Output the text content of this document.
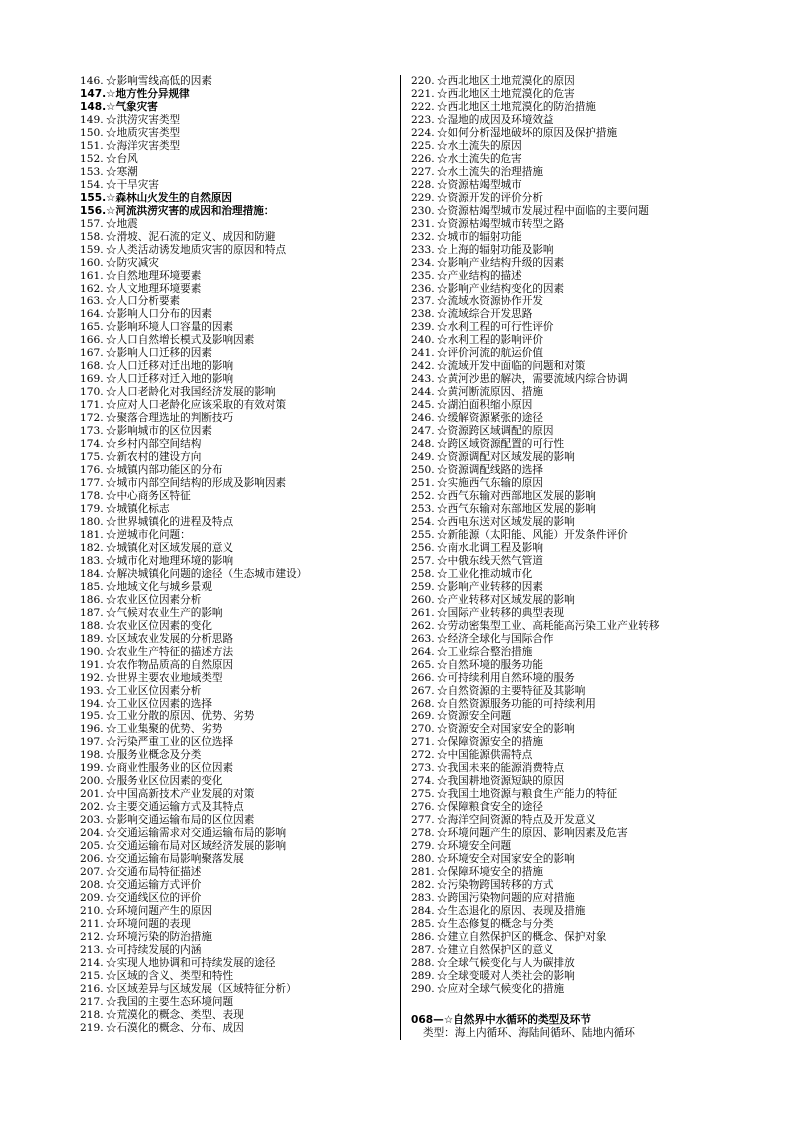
146. ☆影响雪线高低的因素
147.☆地方性分异规律
148.☆气象灾害
149. ☆洪涝灾害类型
150. ☆地质灾害类型
151. ☆海洋灾害类型
152. ☆台风
153. ☆寒潮
154. ☆干旱灾害
155.☆森林山火发生的自然原因
156.☆河流洪涝灾害的成因和治理措施：
157. ☆地震
158. ☆滑坡、泥石流的定义、成因和防避
159. ☆人类活动诱发地质灾害的原因和特点
160. ☆防灾减灾
161. ☆自然地理环境要素
162. ☆人文地理环境要素
163. ☆人口分析要素
164. ☆影响人口分布的因素
165. ☆影响环境人口容量的因素
166. ☆人口自然增长模式及影响因素
167. ☆影响人口迁移的因素
168. ☆人口迁移对迁出地的影响
169. ☆人口迁移对迁入地的影响
170. ☆人口老龄化对我国经济发展的影响
171. ☆应对人口老龄化应该采取的有效对策
172. ☆聚落合理选址的判断技巧
173. ☆影响城市的区位因素
174. ☆乡村内部空间结构
175. ☆新农村的建设方向
176. ☆城镇内部功能区的分布
177. ☆城市内部空间结构的形成及影响因素
178. ☆中心商务区特征
179. ☆城镇化标志
180. ☆世界城镇化的进程及特点
181. ☆逆城市化问题：
182. ☆城镇化对区域发展的意义
183. ☆城市化对地理环境的影响
184. ☆解决城镇化问题的途径（生态城市建设）
185. ☆地域文化与城乡景观
186. ☆农业区位因素分析
187. ☆气候对农业生产的影响
188. ☆农业区位因素的变化
189. ☆区域农业发展的分析思路
190. ☆农业生产特征的描述方法
191. ☆农作物品质高的自然原因
192. ☆世界主要农业地域类型
193. ☆工业区位因素分析
194. ☆工业区位因素的选择
195. ☆工业分散的原因、优势、劣势
196. ☆工业集聚的优势、劣势
197. ☆污染严重工业的区位选择
198. ☆服务业概念及分类
199. ☆商业性服务业的区位因素
200. ☆服务业区位因素的变化
201. ☆中国高新技术产业发展的对策
202. ☆主要交通运输方式及其特点
203. ☆影响交通运输布局的区位因素
204. ☆交通运输需求对交通运输布局的影响
205. ☆交通运输布局对区域经济发展的影响
206. ☆交通运输布局影响聚落发展
207. ☆交通布局特征描述
208. ☆交通运输方式评价
209. ☆交通线区位的评价
210. ☆环境问题产生的原因
211. ☆环境问题的表现
212. ☆环境污染的防治措施
213. ☆可持续发展的内涵
214. ☆实现人地协调和可持续发展的途径
215. ☆区域的含义、类型和特性
216. ☆区域差异与区域发展（区域特征分析）
217. ☆我国的主要生态环境问题
218. ☆荒漠化的概念、类型、表现
219. ☆石漠化的概念、分布、成因
220. ☆西北地区土地荒漠化的原因
221. ☆西北地区土地荒漠化的危害
222. ☆西北地区土地荒漠化的防治措施
223. ☆湿地的成因及环境效益
224. ☆如何分析湿地破坏的原因及保护措施
225. ☆水土流失的原因
226. ☆水土流失的危害
227. ☆水土流失的治理措施
228. ☆资源枯竭型城市
229. ☆资源开发的评价分析
230. ☆资源枯竭型城市发展过程中面临的主要问题
231. ☆资源枯竭型城市转型之路
232. ☆城市的辐射功能
233. ☆上海的辐射功能及影响
234. ☆影响产业结构升级的因素
235. ☆产业结构的描述
236. ☆影响产业结构变化的因素
237. ☆流域水资源协作开发
238. ☆流域综合开发思路
239. ☆水利工程的可行性评价
240. ☆水利工程的影响评价
241. ☆评价河流的航运价值
242. ☆流域开发中面临的问题和对策
243. ☆黄河沙患的解决，需要流域内综合协调
244. ☆黄河断流原因、措施
245. ☆湖泊面积缩小原因
246. ☆缓解资源紧张的途径
247. ☆资源跨区域调配的原因
248. ☆跨区域资源配置的可行性
249. ☆资源调配对区域发展的影响
250. ☆资源调配线路的选择
251. ☆实施西气东输的原因
252. ☆西气东输对西部地区发展的影响
253. ☆西气东输对东部地区发展的影响
254. ☆西电东送对区域发展的影响
255. ☆新能源（太阳能、风能）开发条件评价
256. ☆南水北调工程及影响
257. ☆中俄东线天然气管道
258. ☆工业化推动城市化
259. ☆影响产业转移的因素
260. ☆产业转移对区域发展的影响
261. ☆国际产业转移的典型表现
262. ☆劳动密集型工业、高耗能高污染工业产业转移
263. ☆经济全球化与国际合作
264. ☆工业综合整治措施
265. ☆自然环境的服务功能
266. ☆可持续利用自然环境的服务
267. ☆自然资源的主要特征及其影响
268. ☆自然资源服务功能的可持续利用
269. ☆资源安全问题
270. ☆资源安全对国家安全的影响
271. ☆保障资源安全的措施
272. ☆中国能源供需特点
273. ☆我国未来的能源消费特点
274. ☆我国耕地资源短缺的原因
275. ☆我国土地资源与粮食生产能力的特征
276. ☆保障粮食安全的途径
277. ☆海洋空间资源的特点及开发意义
278. ☆环境问题产生的原因、影响因素及危害
279. ☆环境安全问题
280. ☆环境安全对国家安全的影响
281. ☆保障环境安全的措施
282. ☆污染物跨国转移的方式
283. ☆跨国污染物问题的应对措施
284. ☆生态退化的原因、表现及措施
285. ☆生态修复的概念与分类
286. ☆建立自然保护区的概念、保护对象
287. ☆建立自然保护区的意义
288. ☆全球气候变化与人为碳排放
289. ☆全球变暖对人类社会的影响
290. ☆应对全球气候变化的措施
068—☆自然界中水循环的类型及环节
类型：海上内循环、海陆间循环、陆地内循环
